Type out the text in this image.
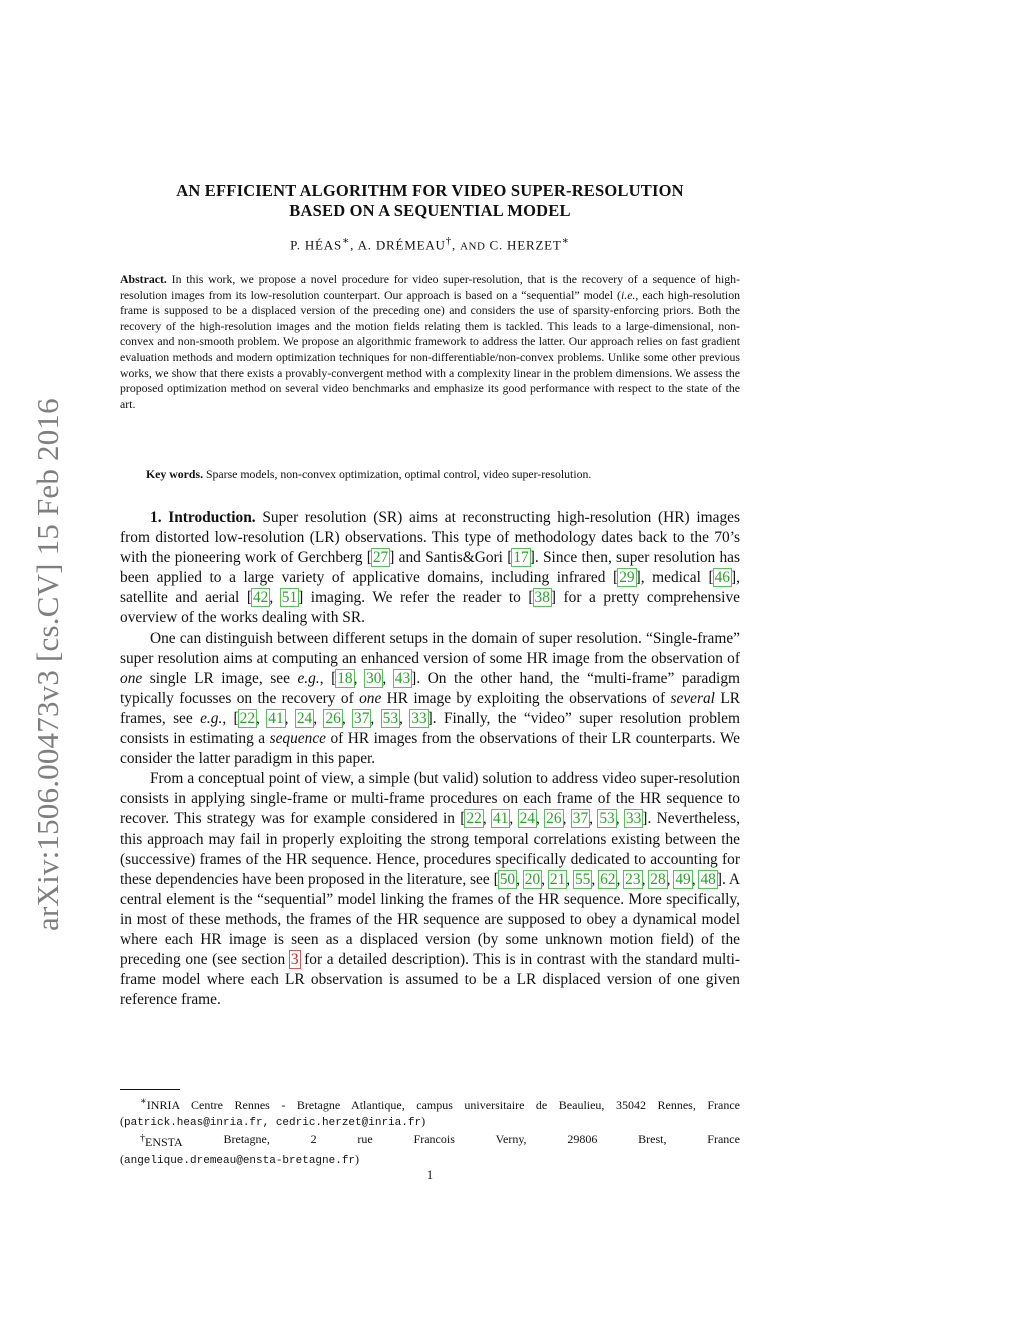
arXiv:1506.00473v3 [cs.CV] 15 Feb 2016
AN EFFICIENT ALGORITHM FOR VIDEO SUPER-RESOLUTION
BASED ON A SEQUENTIAL MODEL
P. HÉAS∗, A. DRÉMEAU†, AND C. HERZET∗
Abstract. In this work, we propose a novel procedure for video super-resolution, that is the recovery of a sequence of high-resolution images from its low-resolution counterpart. Our approach is based on a “sequential” model (i.e., each high-resolution frame is supposed to be a displaced version of the preceding one) and considers the use of sparsity-enforcing priors. Both the recovery of the high-resolution images and the motion fields relating them is tackled. This leads to a large-dimensional, non-convex and non-smooth problem. We propose an algorithmic framework to address the latter. Our approach relies on fast gradient evaluation methods and modern optimization techniques for non-differentiable/non-convex problems. Unlike some other previous works, we show that there exists a provably-convergent method with a complexity linear in the problem dimensions. We assess the proposed optimization method on several video benchmarks and emphasize its good performance with respect to the state of the art.
Key words. Sparse models, non-convex optimization, optimal control, video super-resolution.

1. Introduction. Super resolution (SR) aims at reconstructing high-resolution (HR) images from distorted low-resolution (LR) observations. This type of methodology dates back to the 70’s with the pioneering work of Gerchberg [27] and Santis&Gori [17]. Since then, super resolution has been applied to a large variety of applicative domains, including infrared [29], medical [46], satellite and aerial [42, 51] imaging. We refer the reader to [38] for a pretty comprehensive overview of the works dealing with SR.

One can distinguish between different setups in the domain of super resolution. “Single-frame” super resolution aims at computing an enhanced version of some HR image from the observation of one single LR image, see e.g., [18, 30, 43]. On the other hand, the “multi-frame” paradigm typically focusses on the recovery of one HR image by exploiting the observations of several LR frames, see e.g., [22, 41, 24, 26, 37, 53, 33]. Finally, the “video” super resolution problem consists in estimating a sequence of HR images from the observations of their LR counterparts. We consider the latter paradigm in this paper.

From a conceptual point of view, a simple (but valid) solution to address video super-resolution consists in applying single-frame or multi-frame procedures on each frame of the HR sequence to recover. This strategy was for example considered in [22, 41, 24, 26, 37, 53, 33]. Nevertheless, this approach may fail in properly exploiting the strong temporal correlations existing between the (successive) frames of the HR sequence. Hence, procedures specifically dedicated to accounting for these dependencies have been proposed in the literature, see [50, 20, 21, 55, 62, 23, 28, 49, 48]. A central element is the “sequential” model linking the frames of the HR sequence. More specifically, in most of these methods, the frames of the HR sequence are supposed to obey a dynamical model where each HR image is seen as a displaced version (by some unknown motion field) of the preceding one (see section 3 for a detailed description). This is in contrast with the standard multi-frame model where each LR observation is assumed to be a LR displaced version of one given reference frame.

∗INRIA Centre Rennes - Bretagne Atlantique, campus universitaire de Beaulieu, 35042 Rennes, France (patrick.heas@inria.fr, cedric.herzet@inria.fr)

†ENSTA	Bretagne,	2	rue	Francois	Verny,	29806	Brest,	France
(angelique.dremeau@ensta-bretagne.fr)
1
